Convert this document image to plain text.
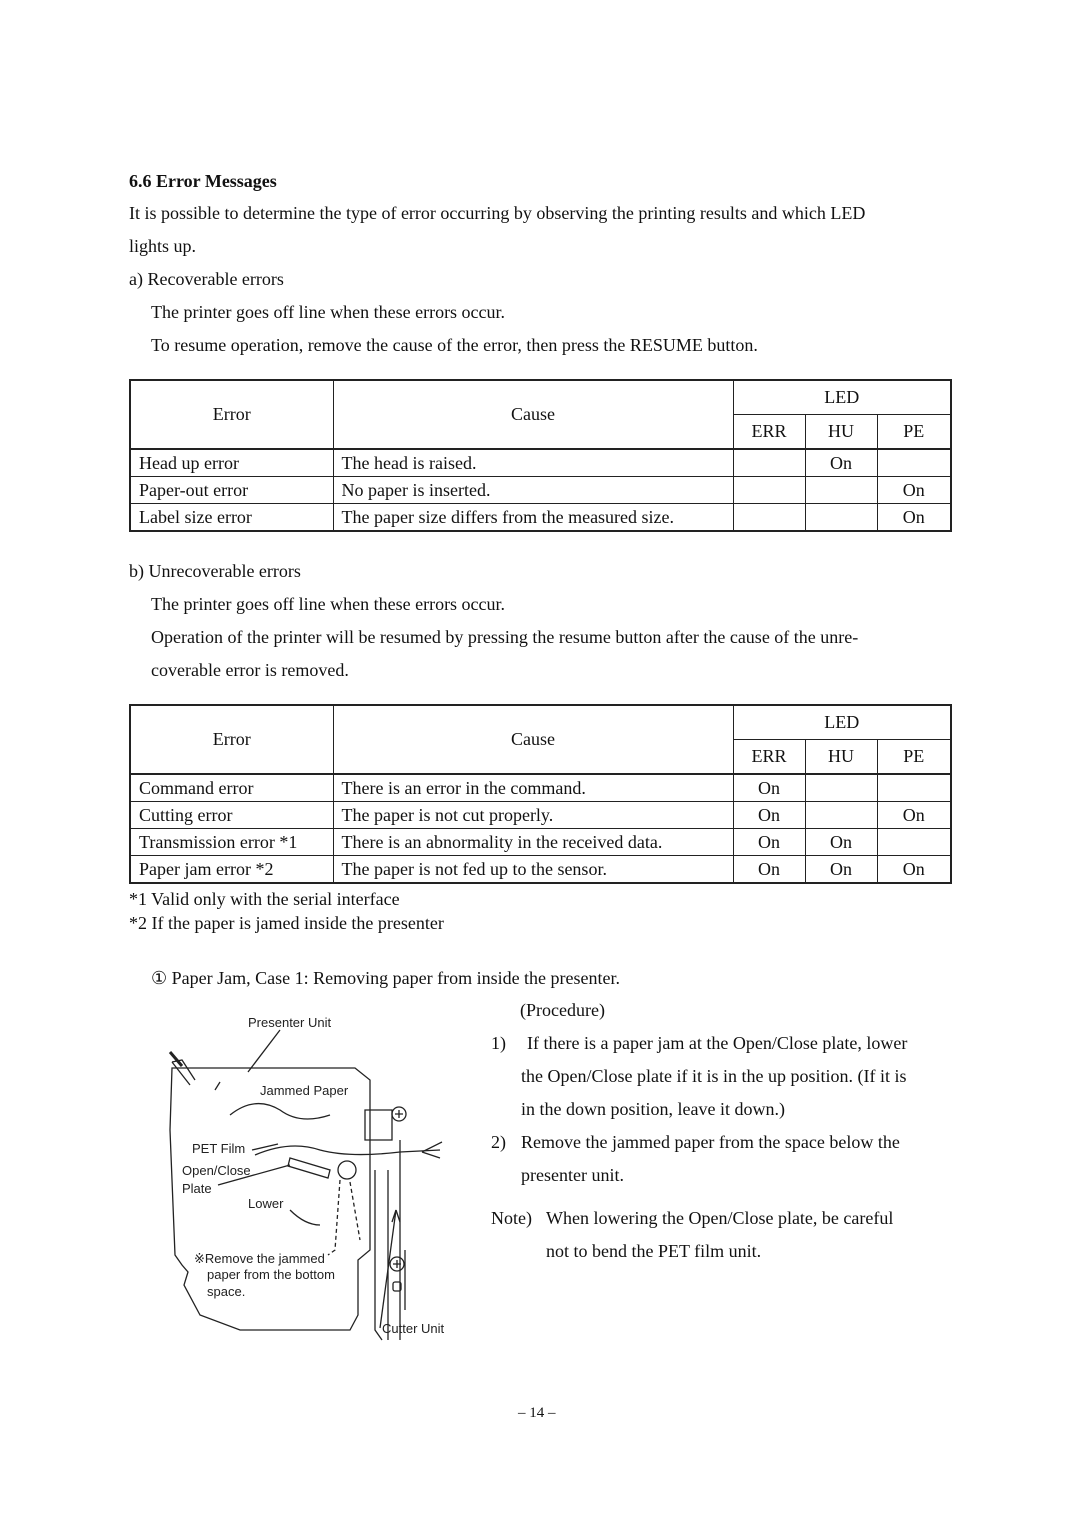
6.6 Error Messages
It is possible to determine the type of error occurring by observing the printing results and which LED
lights up.
a) Recoverable errors
The printer goes off line when these errors occur.
To resume operation, remove the cause of the error, then press the RESUME button.
Error	Cause	LED		
		ERR	HU	PE
Head up error	The head is raised.		On	
Paper-out error	No paper is inserted.			On
Label size error	The paper size differs from the measured size.			On
b) Unrecoverable errors
The printer goes off line when these errors occur.
Operation of the printer will be resumed by pressing the resume button after the cause of the unre-
coverable error is removed.
Error	Cause	LED		
		ERR	HU	PE
Command error	There is an error in the command.	On		
Cutting error	The paper is not cut properly.	On		On
Transmission error *1	There is an abnormality in the received data.	On	On	
Paper jam error *2	The paper is not fed up to the sensor.	On	On	On
*1 Valid only with the serial interface
*2 If the paper is jamed inside the presenter
① Paper Jam, Case 1: Removing paper from inside the presenter.
Presenter Unit
Jammed Paper
PET Film
Open/Close
Plate
Lower
※Remove the jammed
paper from the bottom
space.
Cutter Unit
(Procedure)
1) If there is a paper jam at the Open/Close plate, lower
the Open/Close plate if it is in the up position. (If it is
in the down position, leave it down.)
2) Remove the jammed paper from the space below the
presenter unit.
Note) When lowering the Open/Close plate, be careful
not to bend the PET film unit.
– 14 –
